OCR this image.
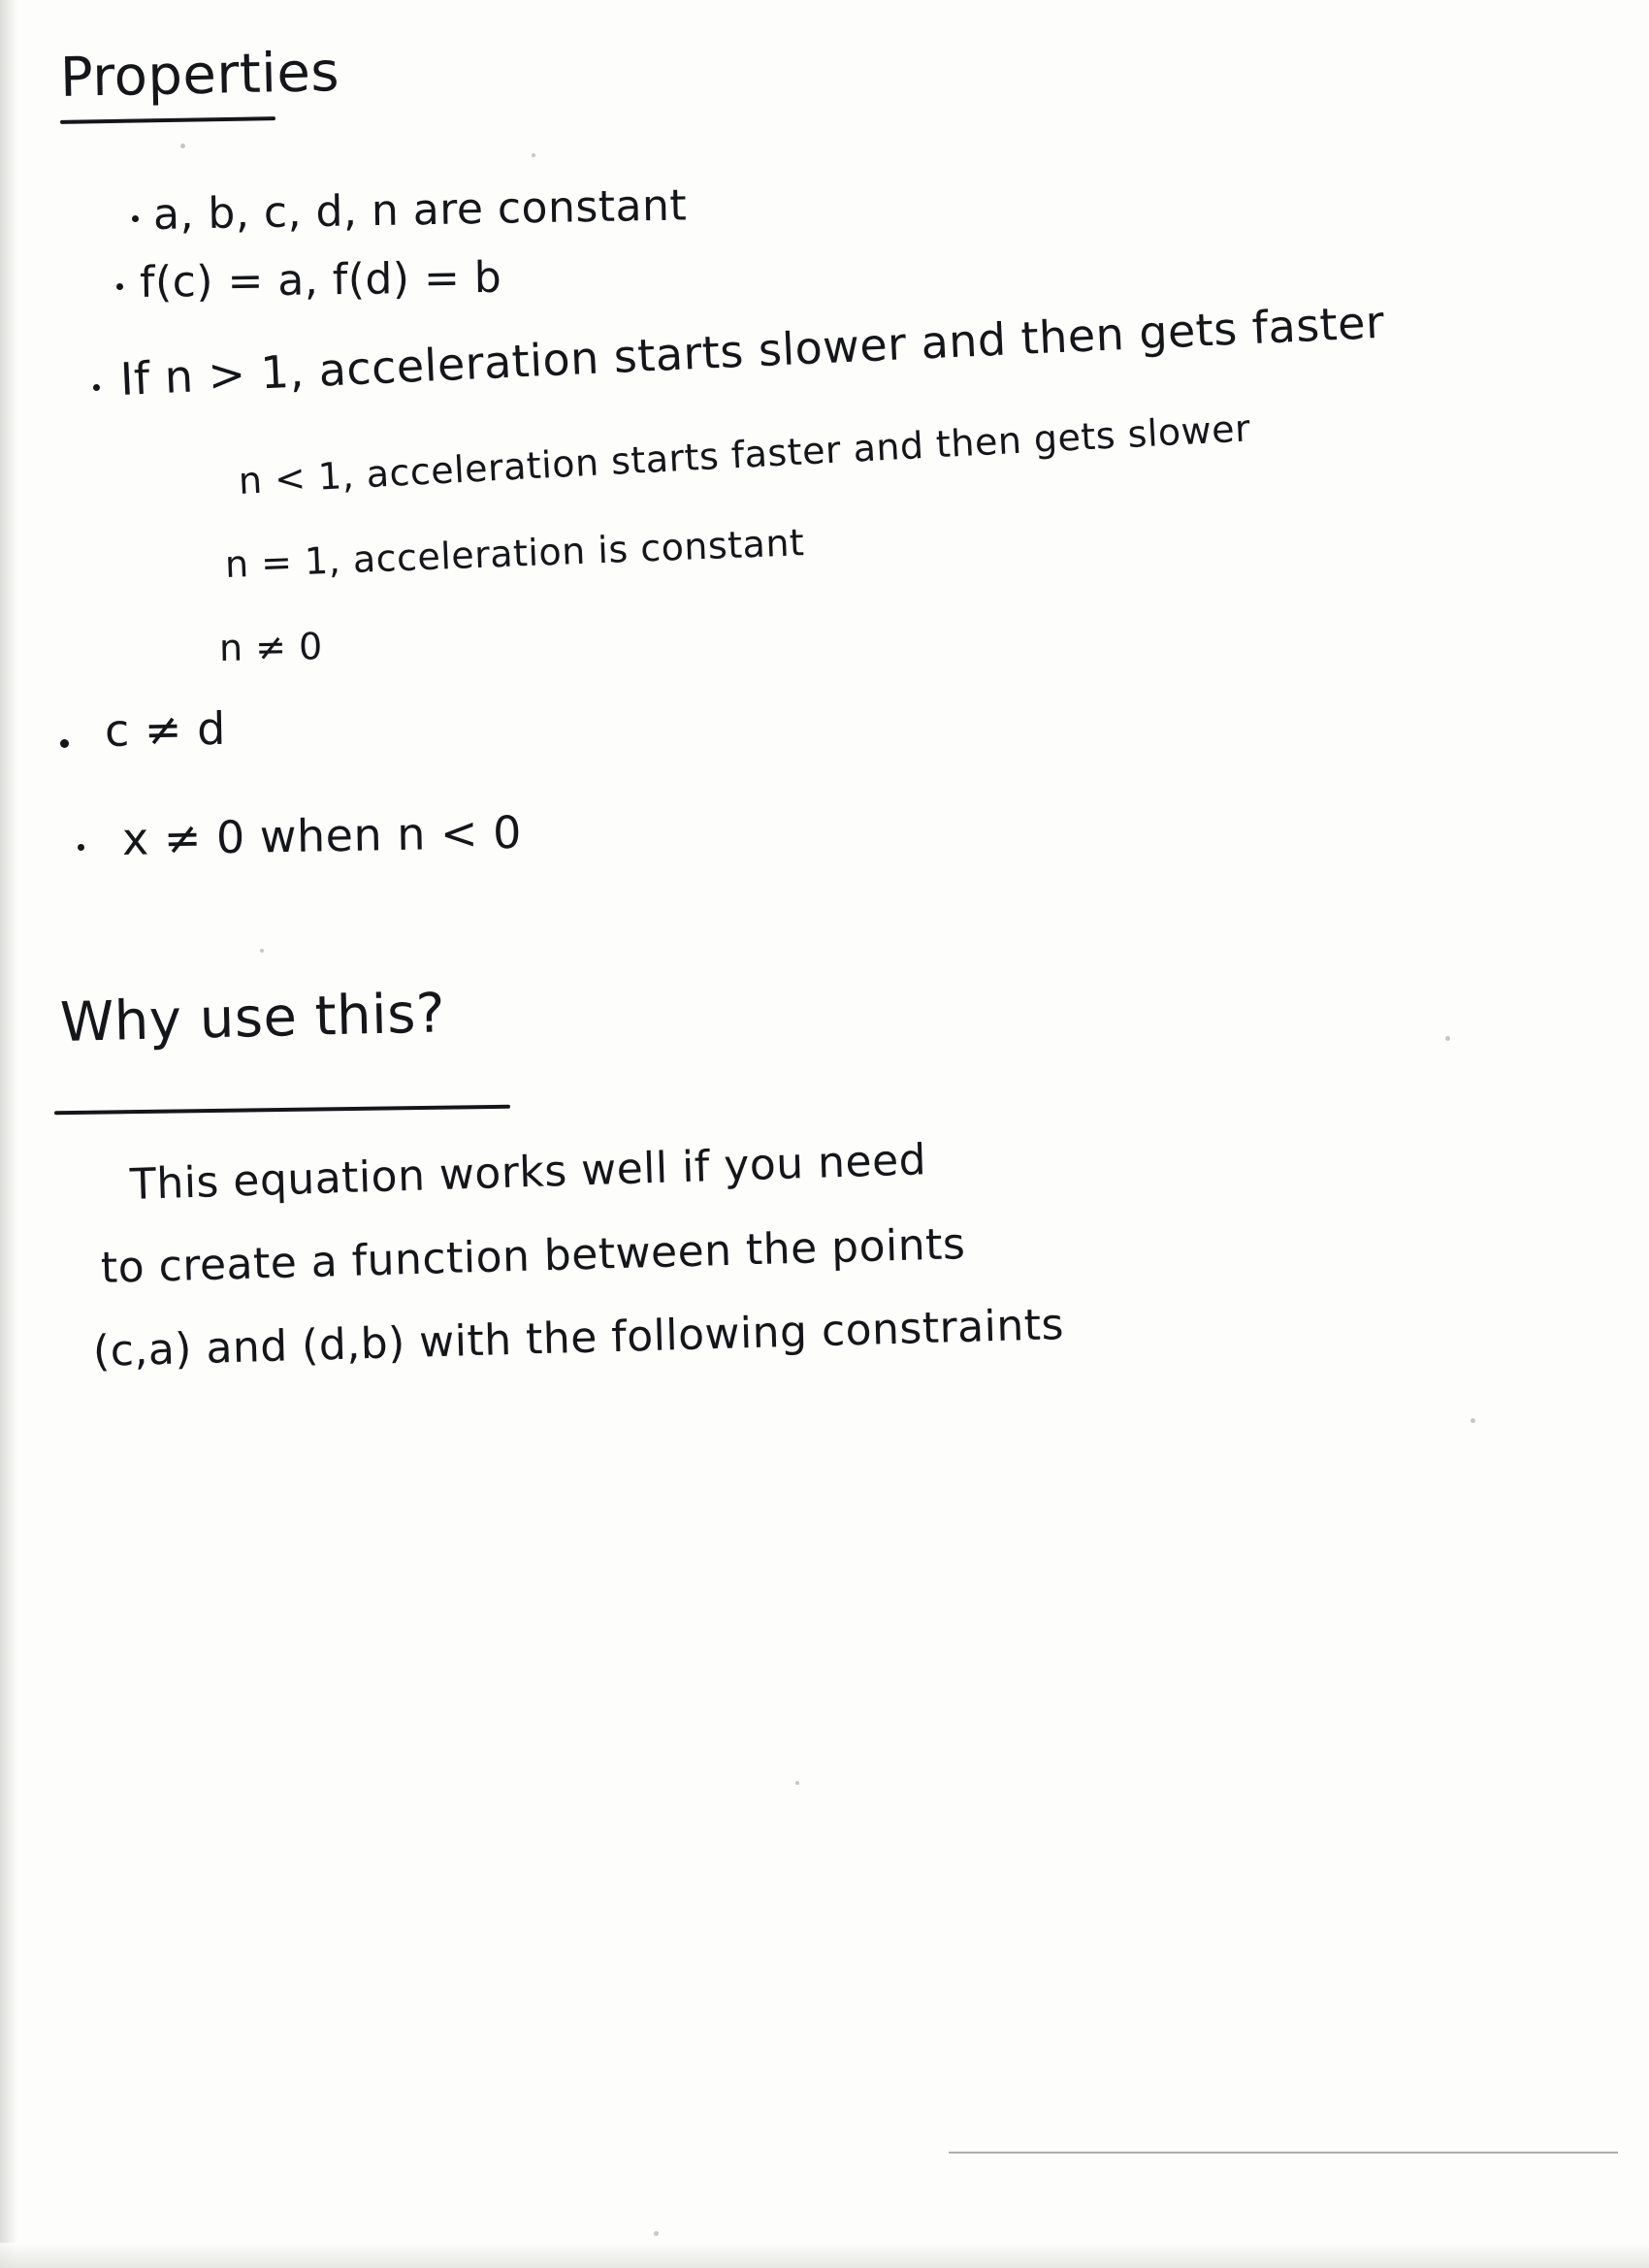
Properties
a, b, c, d, n are constant
f(c) = a, f(d) = b
If n > 1, acceleration starts slower and then gets faster
n < 1, acceleration starts faster and then gets slower
n = 1, acceleration is constant
n ≠ 0
c ≠ d
x ≠ 0 when n < 0
Why use this?
This equation works well if you need
to create a function between the points
(c,a) and (d,b) with the following constraints
